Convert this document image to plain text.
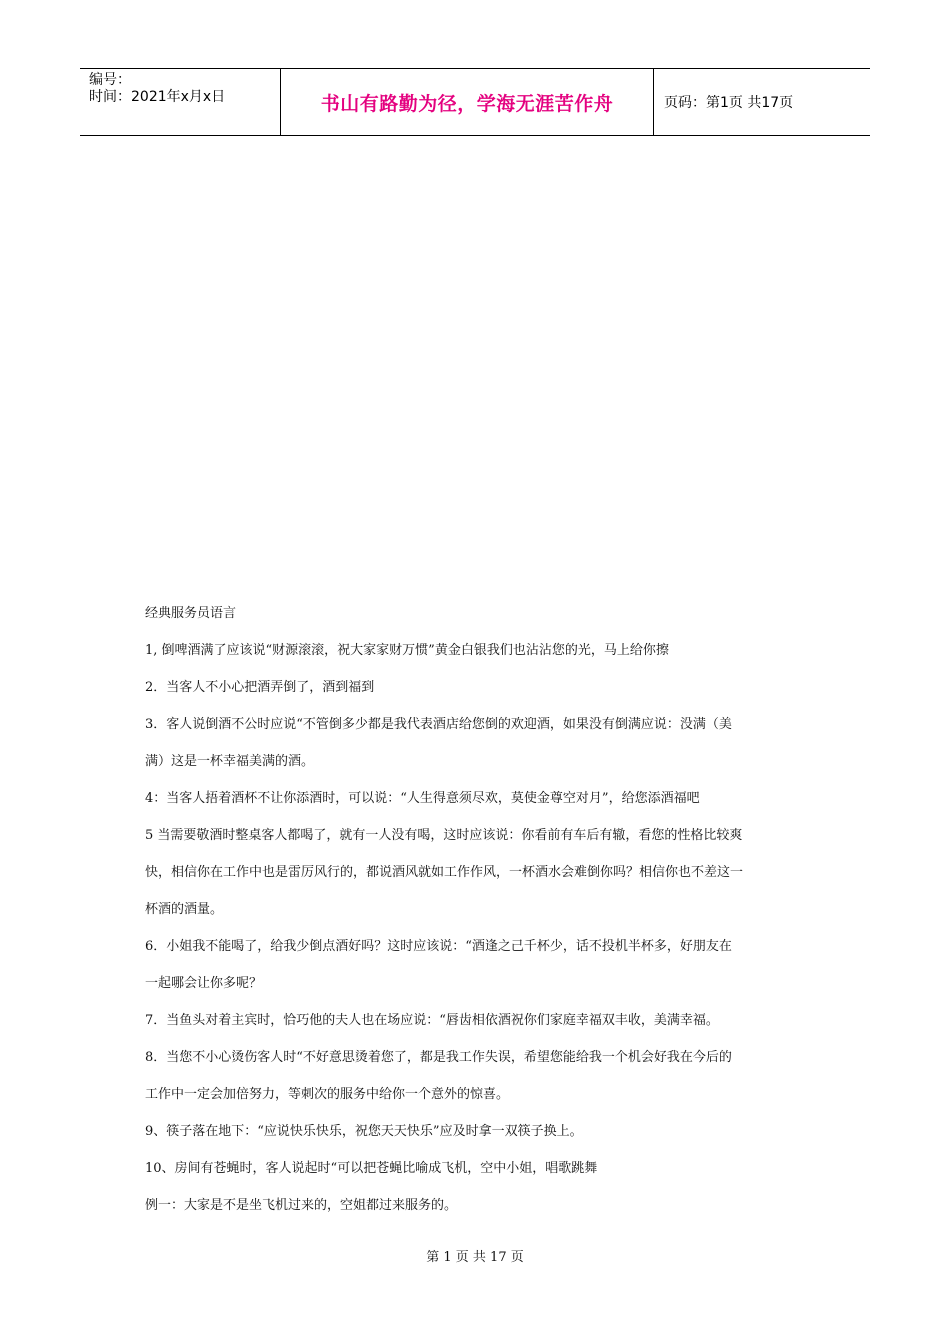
编号：
时间：2021年x月x日	书山有路勤为径，学海无涯苦作舟	页码：第1页 共17页

经典服务员语言

1, 倒啤酒满了应该说“财源滚滚，祝大家家财万惯”黄金白银我们也沾沾您的光，马上给你擦

2．当客人不小心把酒弄倒了，酒到福到

3．客人说倒酒不公时应说“不管倒多少都是我代表酒店给您倒的欢迎酒，如果没有倒满应说：没满（美

满）这是一杯幸福美满的酒。

4：当客人捂着酒杯不让你添酒时，可以说：“人生得意须尽欢，莫使金尊空对月”，给您添酒福吧

5 当需要敬酒时整桌客人都喝了，就有一人没有喝，这时应该说：你看前有车后有辙，看您的性格比较爽

快，相信你在工作中也是雷厉风行的，都说酒风就如工作作风，一杯酒水会难倒你吗？相信你也不差这一

杯酒的酒量。

6．小姐我不能喝了，给我少倒点酒好吗？这时应该说：“酒逢之己千杯少，话不投机半杯多，好朋友在

一起哪会让你多呢？

7．当鱼头对着主宾时，恰巧他的夫人也在场应说：“唇齿相依酒祝你们家庭幸福双丰收，美满幸福。

8．当您不小心烫伤客人时“不好意思烫着您了，都是我工作失误，希望您能给我一个机会好我在今后的

工作中一定会加倍努力，等刺次的服务中给你一个意外的惊喜。

9、筷子落在地下：“应说快乐快乐，祝您天天快乐”应及时拿一双筷子换上。

10、房间有苍蝇时，客人说起时“可以把苍蝇比喻成飞机，空中小姐，唱歌跳舞

例一：大家是不是坐飞机过来的，空姐都过来服务的。

第 1 页 共 17 页
